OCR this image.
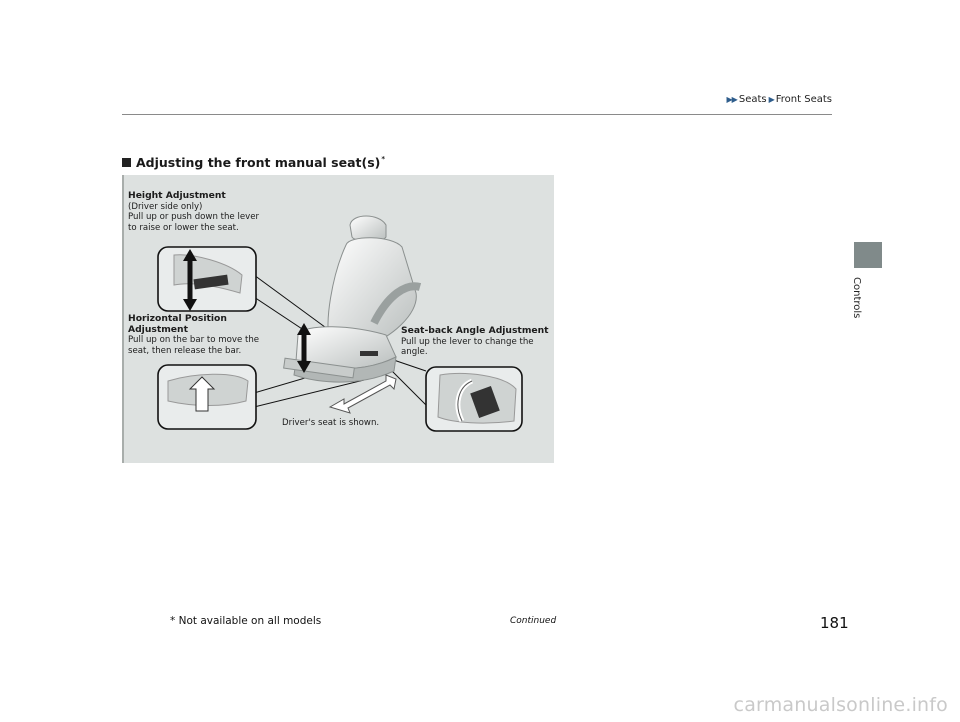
▶▶ Seats ▶ Front Seats
Controls
Adjusting the front manual seat(s)*
Height Adjustment
(Driver side only)
Pull up or push down the lever
to raise or lower the seat.
Horizontal Position
Adjustment
Pull up on the bar to move the
seat, then release the bar.
Seat-back Angle Adjustment
Pull up the lever to change the
angle.
Driver's seat is shown.
Continued	181
* Not available on all models
carmanualsonline.info
